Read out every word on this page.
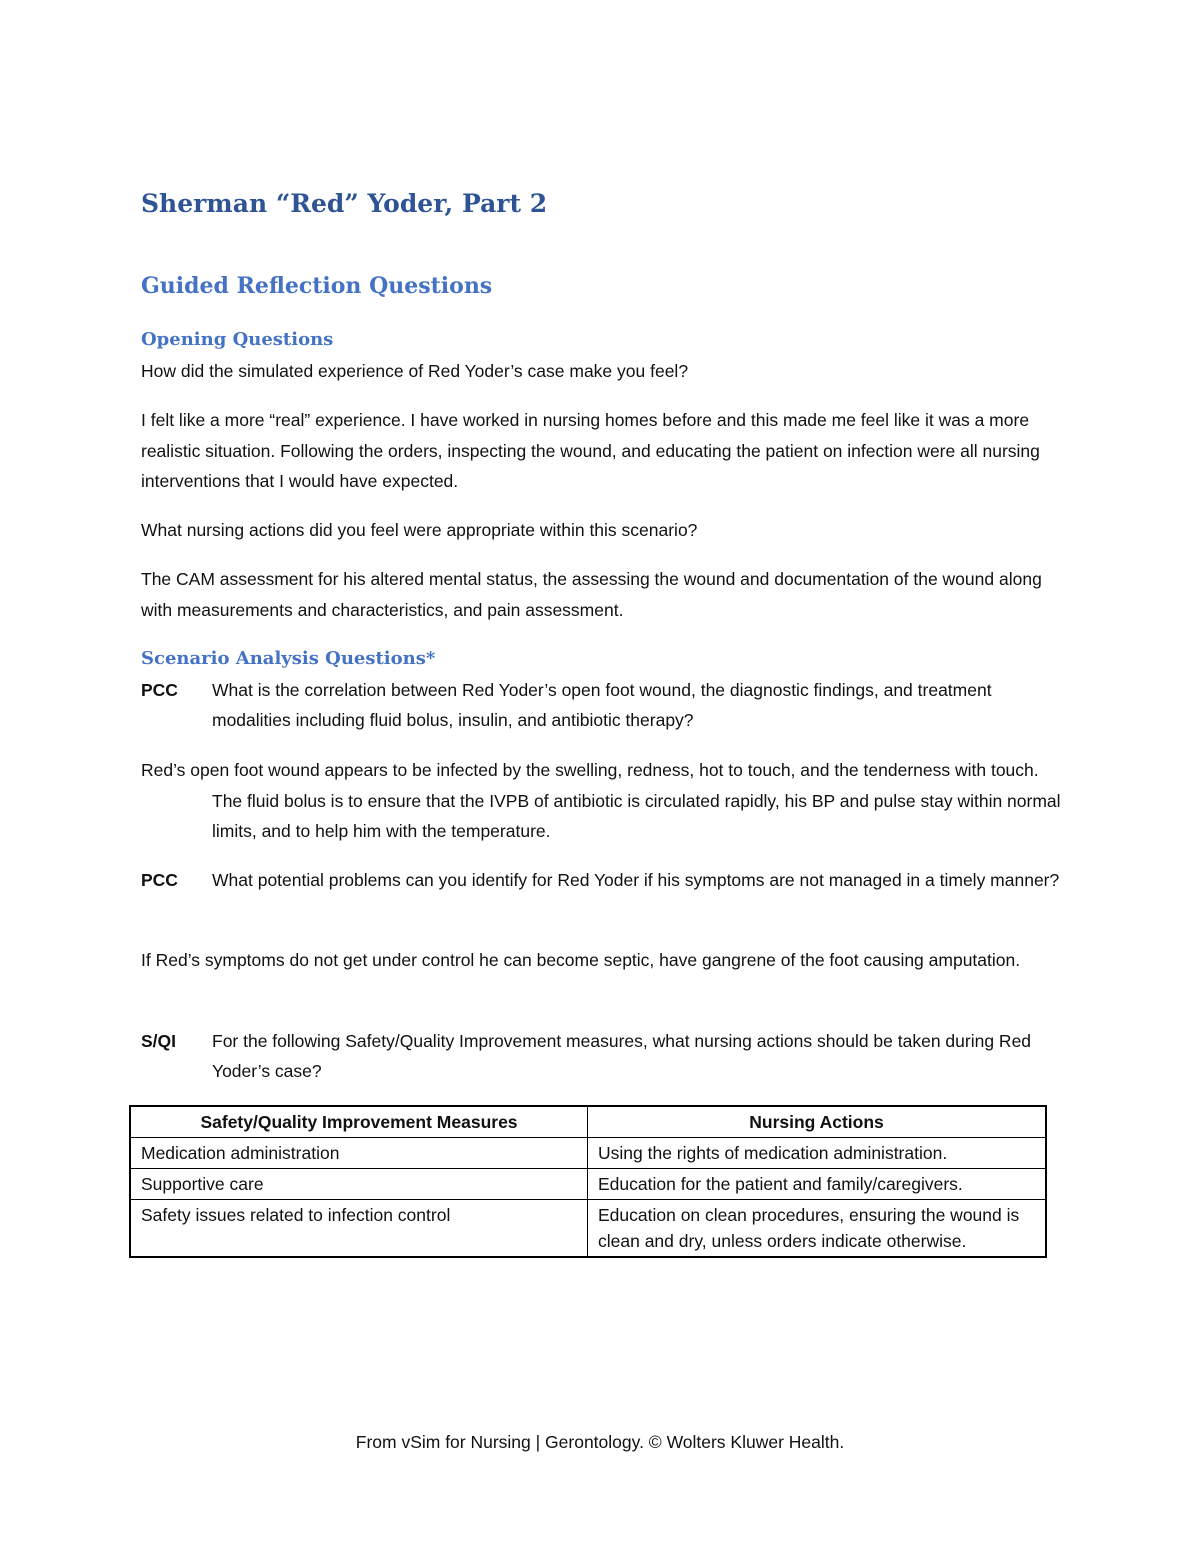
Sherman “Red” Yoder, Part 2
Guided Reflection Questions
Opening Questions
How did the simulated experience of Red Yoder’s case make you feel?
I felt like a more “real” experience. I have worked in nursing homes before and this made me feel like it was a more realistic situation. Following the orders, inspecting the wound, and educating the patient on infection were all nursing interventions that I would have expected.
What nursing actions did you feel were appropriate within this scenario?
The CAM assessment for his altered mental status, the assessing the wound and documentation of the wound along with measurements and characteristics, and pain assessment.
Scenario Analysis Questions*
PCC	What is the correlation between Red Yoder’s open foot wound, the diagnostic findings, and treatment modalities including fluid bolus, insulin, and antibiotic therapy?
Red’s open foot wound appears to be infected by the swelling, redness, hot to touch, and the tenderness with touch. The fluid bolus is to ensure that the IVPB of antibiotic is circulated rapidly, his BP and pulse stay within normal limits, and to help him with the temperature.
PCC	What potential problems can you identify for Red Yoder if his symptoms are not managed in a timely manner?
If Red’s symptoms do not get under control he can become septic, have gangrene of the foot causing amputation.
S/QI	For the following Safety/Quality Improvement measures, what nursing actions should be taken during Red Yoder’s case?
Safety/Quality Improvement Measures	Nursing Actions
Medication administration	Using the rights of medication administration.
Supportive care	Education for the patient and family/caregivers.
Safety issues related to infection control	Education on clean procedures, ensuring the wound is clean and dry, unless orders indicate otherwise.
From vSim for Nursing | Gerontology. © Wolters Kluwer Health.
